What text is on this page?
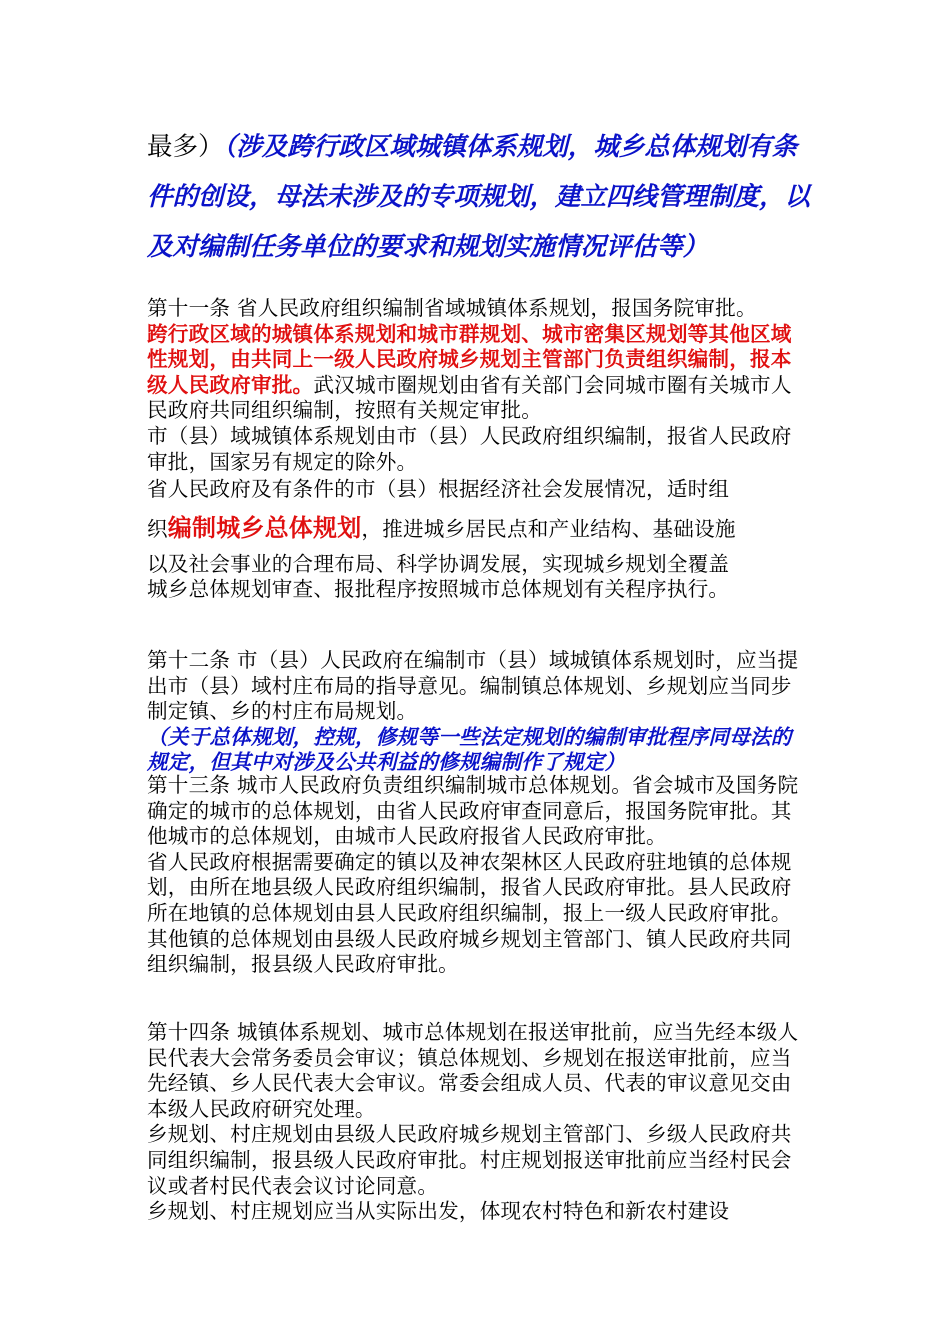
最多）（涉及跨行政区域城镇体系规划，城乡总体规划有条件的创设，母法未涉及的专项规划，建立四线管理制度，以及对编制任务单位的要求和规划实施情况评估等）

第十一条 省人民政府组织编制省域城镇体系规划，报国务院审批。

跨行政区域的城镇体系规划和城市群规划、城市密集区规划等其他区域性规划，由共同上一级人民政府城乡规划主管部门负责组织编制，报本级人民政府审批。武汉城市圈规划由省有关部门会同城市圈有关城市人民政府共同组织编制，按照有关规定审批。

市（县）域城镇体系规划由市（县）人民政府组织编制，报省人民政府审批，国家另有规定的除外。

省人民政府及有条件的市（县）根据经济社会发展情况，适时组

织编制城乡总体规划，推进城乡居民点和产业结构、基础设施

以及社会事业的合理布局、科学协调发展，实现城乡规划全覆盖

城乡总体规划审查、报批程序按照城市总体规划有关程序执行。

第十二条 市（县）人民政府在编制市（县）域城镇体系规划时，应当提出市（县）域村庄布局的指导意见。编制镇总体规划、乡规划应当同步制定镇、乡的村庄布局规划。

（关于总体规划，控规，修规等一些法定规划的编制审批程序同母法的规定，但其中对涉及公共利益的修规编制作了规定）

第十三条 城市人民政府负责组织编制城市总体规划。省会城市及国务院确定的城市的总体规划，由省人民政府审查同意后，报国务院审批。其他城市的总体规划，由城市人民政府报省人民政府审批。

省人民政府根据需要确定的镇以及神农架林区人民政府驻地镇的总体规划，由所在地县级人民政府组织编制，报省人民政府审批。县人民政府所在地镇的总体规划由县人民政府组织编制，报上一级人民政府审批。其他镇的总体规划由县级人民政府城乡规划主管部门、镇人民政府共同组织编制，报县级人民政府审批。

第十四条 城镇体系规划、城市总体规划在报送审批前，应当先经本级人民代表大会常务委员会审议；镇总体规划、乡规划在报送审批前，应当先经镇、乡人民代表大会审议。常委会组成人员、代表的审议意见交由本级人民政府研究处理。

乡规划、村庄规划由县级人民政府城乡规划主管部门、乡级人民政府共同组织编制，报县级人民政府审批。村庄规划报送审批前应当经村民会议或者村民代表会议讨论同意。

乡规划、村庄规划应当从实际出发，体现农村特色和新农村建设
